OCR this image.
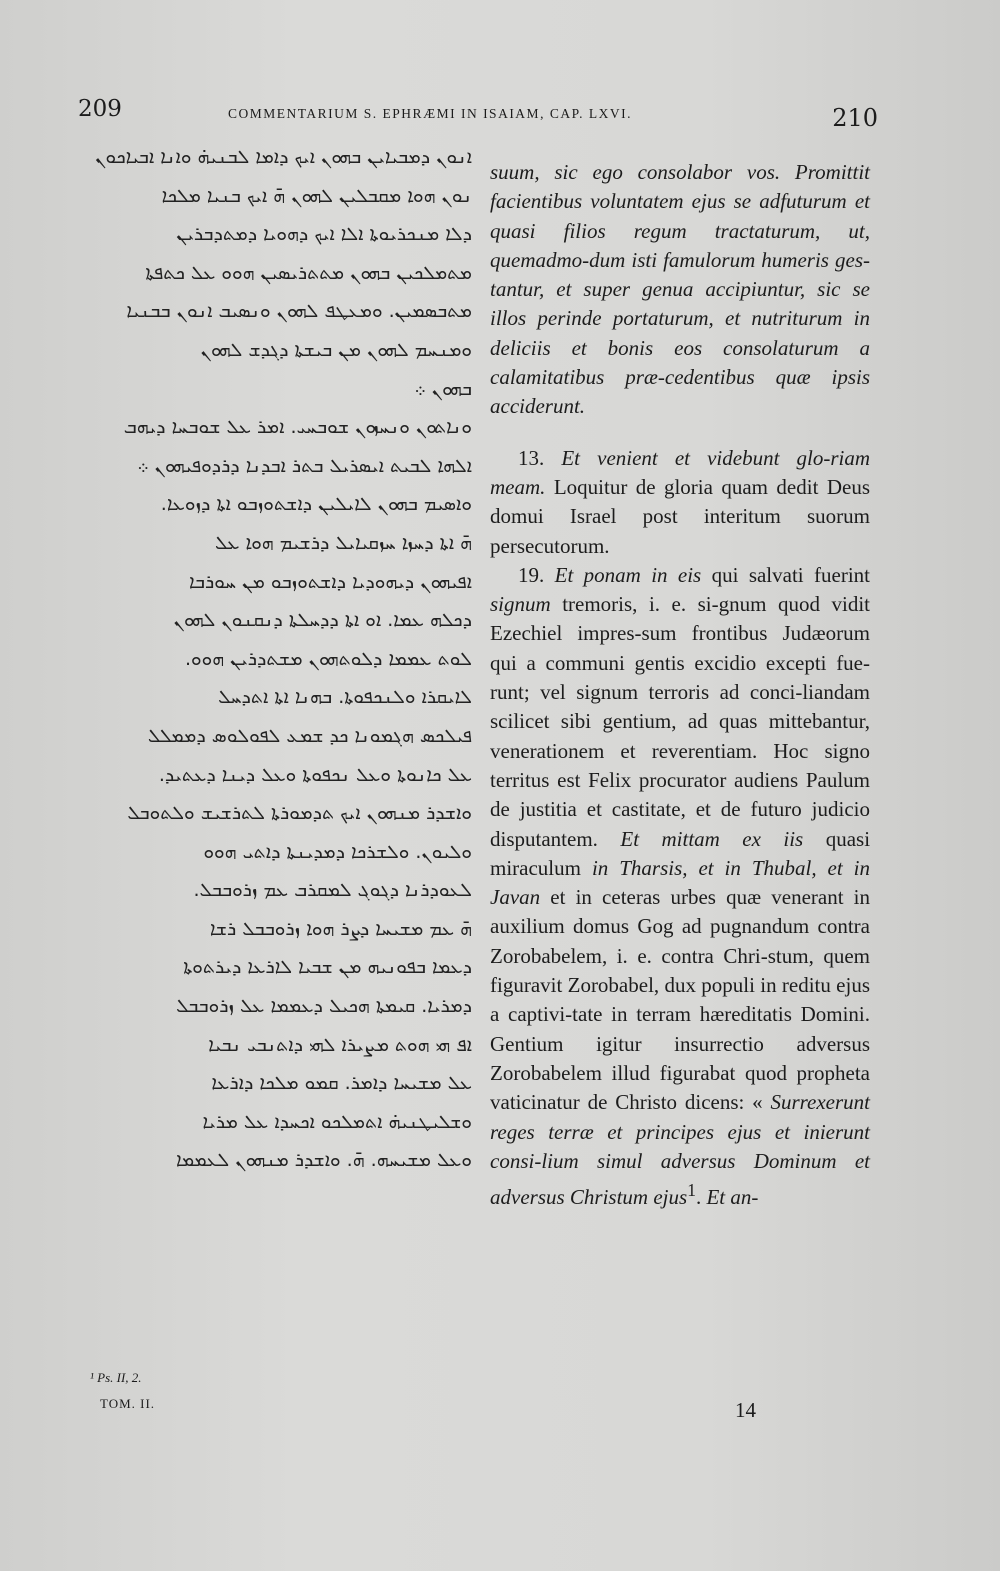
209	COMMENTARIUM S. EPHRÆMI IN ISAIAM, CAP. LXVI.	210
ܐܢܘܢ ܕܡܒܝܐܝܢ ܒܗܘܢ ܐܝܟ ܕܐܡܐ ܠܒܢܝܗ̇ ܘܐܢܐ ܐܒܝܐܟܘܢ
ܢܘܢ ܗܘܐ ܡܩܒܠܝܢ ܠܗܘܢ ܗ̄ ܐܝܟ ܒܢܝܐ ܡܠܟܐ
ܕܠܐ ܡܢܟܪܝܘܬܐ ܐܠܐ ܐܝܟ ܕܗܘܝܐ ܕܡܬܕܒܪܝܢ
ܡܬܡܠܟܝܢ ܒܗܘܢ ܡܬܬܪܝܣܝܢ ܗܘܘ ܥܠ ܟܬܦܬܐ
ܡܬܒܣܡܝܢ. ܘܡܥܛܦ ܠܗܘܢ ܘܢܣܝܒ ܐܢܘܢ ܒܒܢܝܐ
ܘܡܢܚܡ ܠܗܘܢ ܡܢ ܒܝܫܬܐ ܕܓܕܫ ܠܗܘܢ
ܒܗܘܢ ܀
ܘܢܐܬܘܢ ܘܢܚܙܘܢ ܫܘܒܚܝ. ܐܡܪ ܥܠ ܫܘܒܚܐ ܕܝܗܒ
ܐܠܗܐ ܠܒܝܬ ܐܝܣܪܝܠ ܒܬܪ ܐܒܕܢܐ ܕܪܕܘܦܝܗܘܢ ܀
ܘܐܣܝܡ ܒܗܘܢ ܠܐܝܠܝܢ ܕܐܫܬܘܙܒܘ ܐܬܐ ܕܙܘܥܐ.
ܗ̄ ܐܬܐ ܕܚܙܐ ܚܙܩܝܐܝܠ ܕܪܫܝܡ ܗܘܐ ܥܠ
ܐܦܝܗܘܢ ܕܝܗܘܕܝܐ ܕܐܫܬܘܙܒܘ ܡܢ ܚܘܪܒܐ
ܕܟܠܗ ܥܡܐ. ܐܘ ܐܬܐ ܕܕܚܠܬܐ ܕܢܩܢܘܢ ܠܗܘܢ
ܠܘܬ ܥܡܡܐ ܕܠܘܬܗܘܢ ܡܫܬܕܪܝܢ ܗܘܘ.
ܠܐܝܩܪܐ ܘܠܢܟܦܘܬܐ. ܒܗܢܐ ܐܬܐ ܐܬܕܚܠ
ܦܝܠܟܣ ܗܓܡܘܢܐ ܟܕ ܫܡܥ ܠܦܘܠܘܣ ܕܡܡܠܠ
ܥܠ ܟܐܢܘܬܐ ܘܥܠ ܢܟܦܘܬܐ ܘܥܠ ܕܝܢܐ ܕܥܬܝܕ.
ܘܐܫܕܪ ܡܢܗܘܢ ܐܝܟ ܬܕܡܘܪܬܐ ܠܬܪܫܝܫ ܘܠܬܘܒܠ
ܘܠܝܘܢ. ܘܠܫܪܟܐ ܕܡܕܝܢܬܐ ܕܐܬܝ ܗܘܘ
ܠܥܘܕܪܢܐ ܕܓܘܓ ܠܡܩܪܒ ܥܡ ܙܪܘܒܒܠ.
ܗ̄ ܥܡ ܡܫܝܚܐ ܕܨܪ ܗܘܐ ܙܪܘܒܒܠ ܪܫܐ
ܕܥܡܐ ܒܦܘܢܝܗ ܡܢ ܫܒܝܐ ܠܐܪܥܐ ܕܝܪܬܘܬܐ
ܕܡܪܝܐ. ܩܝܡܬܐ ܗܟܝܠ ܕܥܡܡܐ ܥܠ ܙܪܘܒܒܠ
ܐܦ ܗܝ ܗܘܬ ܡܨܝܪܐ ܠܗܝ ܕܐܬܢܒܝ ܢܒܝܐ
ܥܠ ܡܫܝܚܐ ܕܐܡܪ. ܩܡܘ ܡܠܟܐ ܕܐܪܥܐ
ܘܫܠܝܛܢܝܗ̇ ܐܬܡܠܟܘ ܐܟܚܕܐ ܥܠ ܡܪܝܐ
ܘܥܠ ܡܫܝܚܗ. ܗ̄. ܘܐܫܕܪ ܡܢܗܘܢ ܠܥܡܡܐ
¹ Ps. II, 2.
TOM. II.

suum, sic ego consolabor vos. Promittit facientibus voluntatem ejus se adfuturum et quasi filios regum tractaturum, ut, quemadmo-dum isti famulorum humeris ges-tantur, et super genua accipiuntur, sic se illos perinde portaturum, et nutriturum in deliciis et bonis eos consolaturum a calamitatibus præ-cedentibus quæ ipsis acciderunt.

13. Et venient et videbunt glo-riam meam. Loquitur de gloria quam dedit Deus domui Israel post interitum suorum persecutorum.

19. Et ponam in eis qui salvati fuerint signum tremoris, i. e. si-gnum quod vidit Ezechiel impres-sum frontibus Judæorum qui a communi gentis excidio excepti fue-runt; vel signum terroris ad conci-liandam scilicet sibi gentium, ad quas mittebantur, venerationem et reverentiam. Hoc signo territus est Felix procurator audiens Paulum de justitia et castitate, et de futuro judicio disputantem. Et mittam ex iis quasi miraculum in Tharsis, et in Thubal, et in Javan et in ceteras urbes quæ venerant in auxilium domus Gog ad pugnandum contra Zorobabelem, i. e. contra Chri-stum, quem figuravit Zorobabel, dux populi in reditu ejus a captivi-tate in terram hæreditatis Domini. Gentium igitur insurrectio adversus Zorobabelem illud figurabat quod propheta vaticinatur de Christo dicens: « Surrexerunt reges terræ et principes ejus et inierunt consi-lium simul adversus Dominum et adversus Christum ejus$^1$. Et an-

14
